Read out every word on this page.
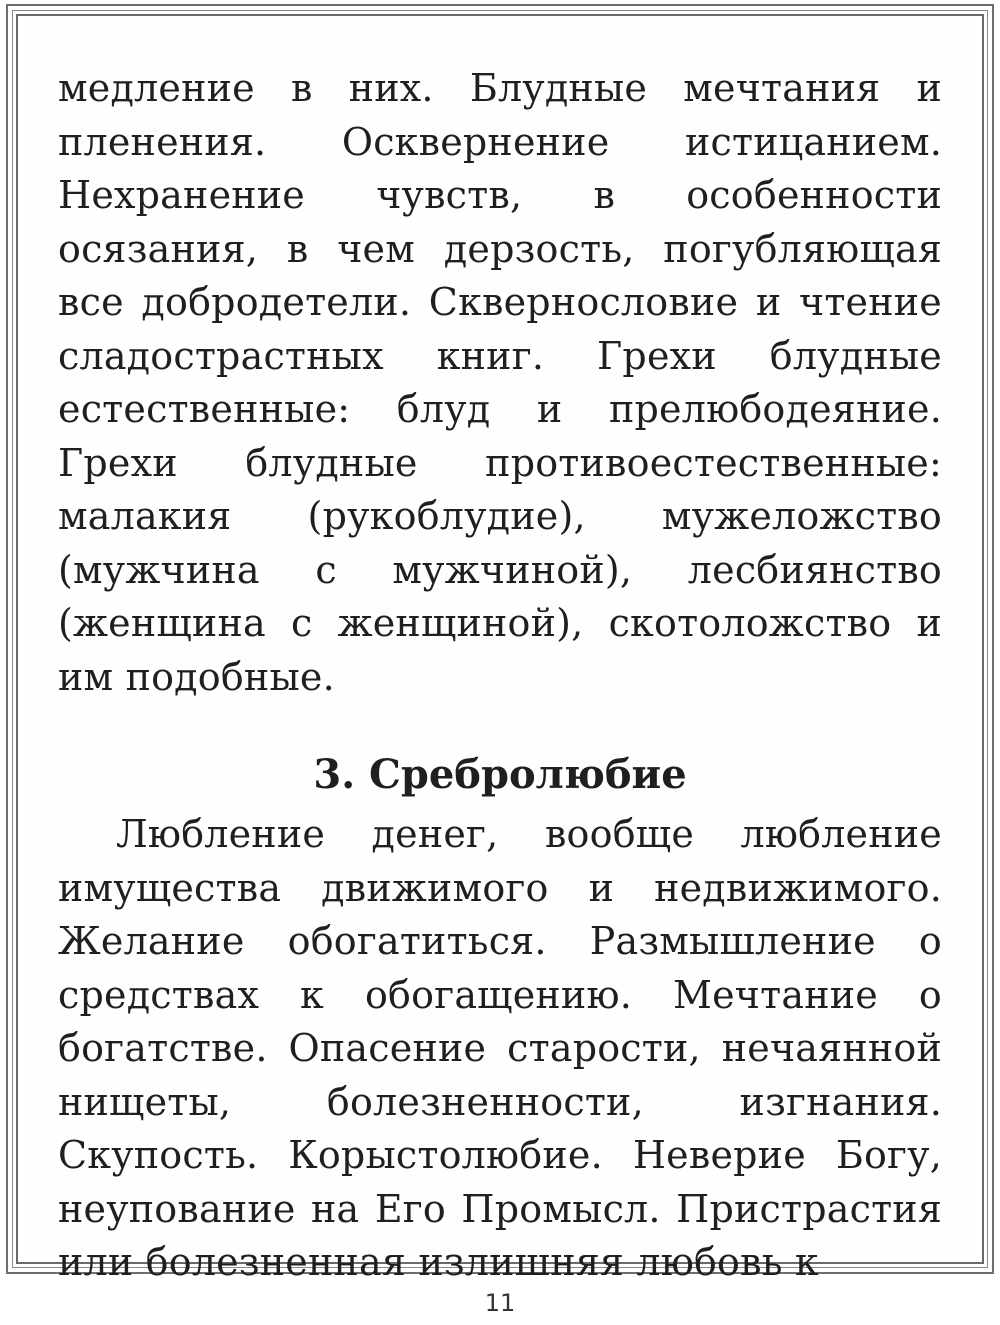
медление в них. Блудные мечтания и пленения. Осквернение истицанием. Нехранение чувств, в особенности осязания, в чем дерзость, погубляющая все добродетели. Сквернословие и чтение сладострастных книг. Грехи блудные естественные: блуд и прелюбодеяние. Грехи блудные противоестественные: малакия (рукоблудие), мужеложство (мужчина с мужчиной), лесбиянство (женщина с женщиной), скотоложство и им подобные.

3. Сребролюбие

Любление денег, вообще любление имущества движимого и недвижимого. Желание обогатиться. Размышление о средствах к обогащению. Мечтание о богатстве. Опасение старости, нечаянной нищеты, болезненности, изгнания. Скупость. Корыстолюбие. Неверие Богу, неупование на Его Промысл. Пристрастия или болезненная излишняя любовь к

11
